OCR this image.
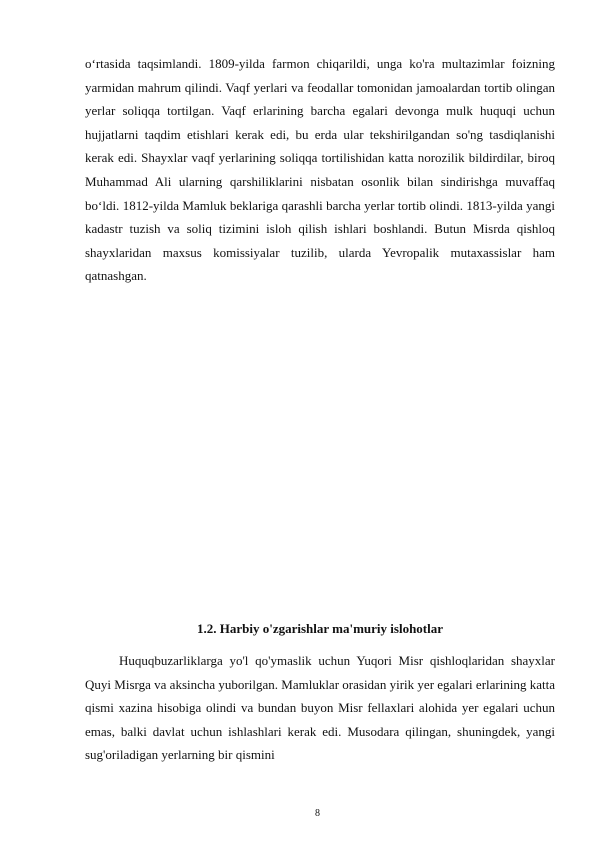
o‘rtasida taqsimlandi. 1809-yilda farmon chiqarildi, unga ko'ra multazimlar foizning yarmidan mahrum qilindi. Vaqf yerlari va feodallar tomonidan jamoalardan tortib olingan yerlar soliqqa tortilgan. Vaqf erlarining barcha egalari devonga mulk huquqi uchun hujjatlarni taqdim etishlari kerak edi, bu erda ular tekshirilgandan so'ng tasdiqlanishi kerak edi. Shayxlar vaqf yerlarining soliqqa tortilishidan katta norozilik bildirdilar, biroq Muhammad Ali ularning qarshiliklarini nisbatan osonlik bilan sindirishga muvaffaq bo‘ldi. 1812-yilda Mamluk beklariga qarashli barcha yerlar tortib olindi. 1813-yilda yangi kadastr tuzish va soliq tizimini isloh qilish ishlari boshlandi. Butun Misrda qishloq shayxlaridan maxsus komissiyalar tuzilib, ularda Yevropalik mutaxassislar ham qatnashgan.

1.2. Harbiy o'zgarishlar ma'muriy islohotlar

Huquqbuzarliklarga yo'l qo'ymaslik uchun Yuqori Misr qishloqlaridan shayxlar Quyi Misrga va aksincha yuborilgan. Mamluklar orasidan yirik yer egalari erlarining katta qismi xazina hisobiga olindi va bundan buyon Misr fellaxlari alohida yer egalari uchun emas, balki davlat uchun ishlashlari kerak edi. Musodara qilingan, shuningdek, yangi sug'oriladigan yerlarning bir qismini

8
